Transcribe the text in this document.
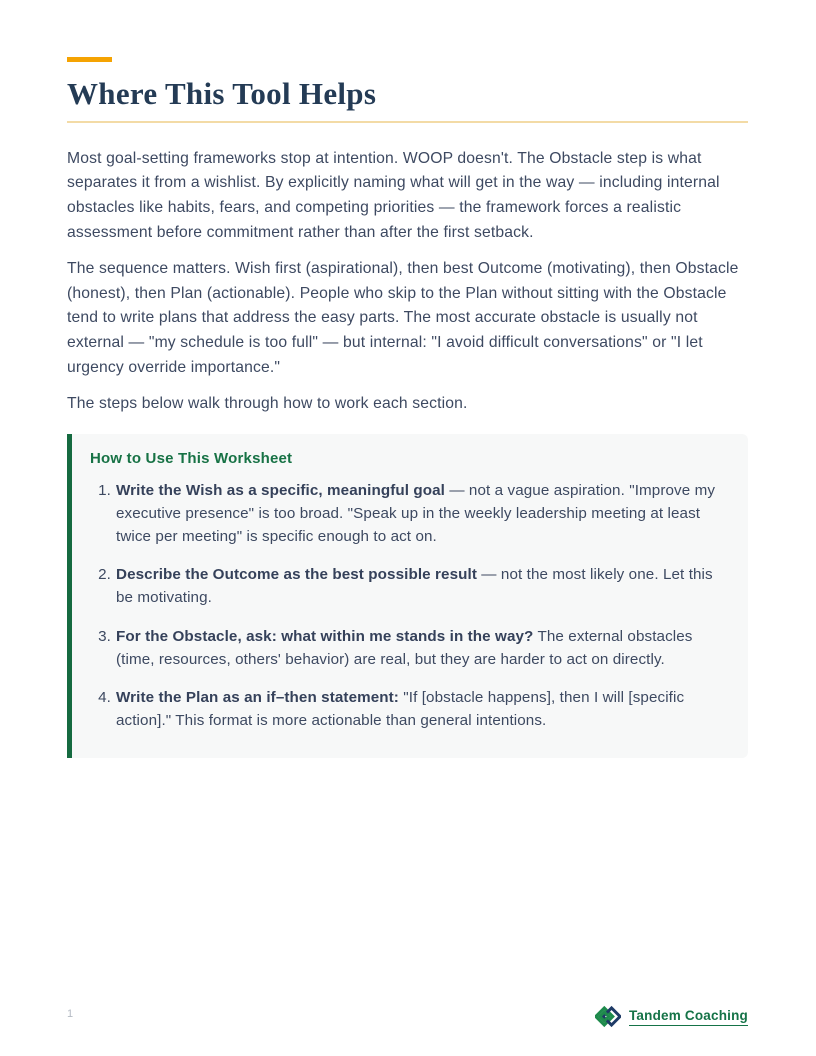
Where This Tool Helps

Most goal-setting frameworks stop at intention. WOOP doesn't. The Obstacle step is what separates it from a wishlist. By explicitly naming what will get in the way — including internal obstacles like habits, fears, and competing priorities — the framework forces a realistic assessment before commitment rather than after the first setback.

The sequence matters. Wish first (aspirational), then best Outcome (motivating), then Obstacle (honest), then Plan (actionable). People who skip to the Plan without sitting with the Obstacle tend to write plans that address the easy parts. The most accurate obstacle is usually not external — "my schedule is too full" — but internal: "I avoid difficult conversations" or "I let urgency override importance."

The steps below walk through how to work each section.

How to Use This Worksheet
1. Write the Wish as a specific, meaningful goal — not a vague aspiration. "Improve my executive presence" is too broad. "Speak up in the weekly leadership meeting at least twice per meeting" is specific enough to act on.
2. Describe the Outcome as the best possible result — not the most likely one. Let this be motivating.
3. For the Obstacle, ask: what within me stands in the way? The external obstacles (time, resources, others' behavior) are real, but they are harder to act on directly.
4. Write the Plan as an if–then statement: "If [obstacle happens], then I will [specific action]." This format is more actionable than general intentions.
1	Tandem Coaching
